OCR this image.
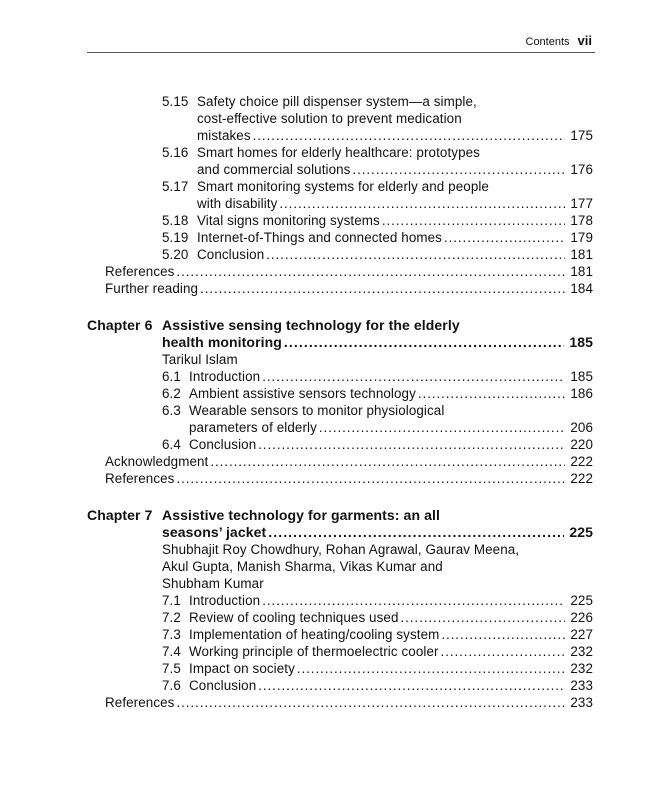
Contents vii
5.15 Safety choice pill dispenser system—a simple,
cost-effective solution to prevent medication
mistakes . . .	175
5.16 Smart homes for elderly healthcare: prototypes
and commercial solutions . . .	176
5.17 Smart monitoring systems for elderly and people
with disability . . .	177
5.18 Vital signs monitoring systems . . .	178
5.19 Internet-of-Things and connected homes . . .	179
5.20 Conclusion . . .	181
References . . .	181
Further reading . . .	184
Chapter 6 Assistive sensing technology for the elderly
health monitoring . . .	185
Tarikul Islam
6.1 Introduction . . .	185
6.2 Ambient assistive sensors technology . . .	186
6.3 Wearable sensors to monitor physiological
parameters of elderly . . .	206
6.4 Conclusion . . .	220
Acknowledgment . . .	222
References . . .	222
Chapter 7 Assistive technology for garments: an all
seasons’ jacket . . .	225
Shubhajit Roy Chowdhury, Rohan Agrawal, Gaurav Meena,
Akul Gupta, Manish Sharma, Vikas Kumar and
Shubham Kumar
7.1 Introduction . . .	225
7.2 Review of cooling techniques used . . .	226
7.3 Implementation of heating/cooling system . . .	227
7.4 Working principle of thermoelectric cooler . . .	232
7.5 Impact on society . . .	232
7.6 Conclusion . . .	233
References . . .	233
